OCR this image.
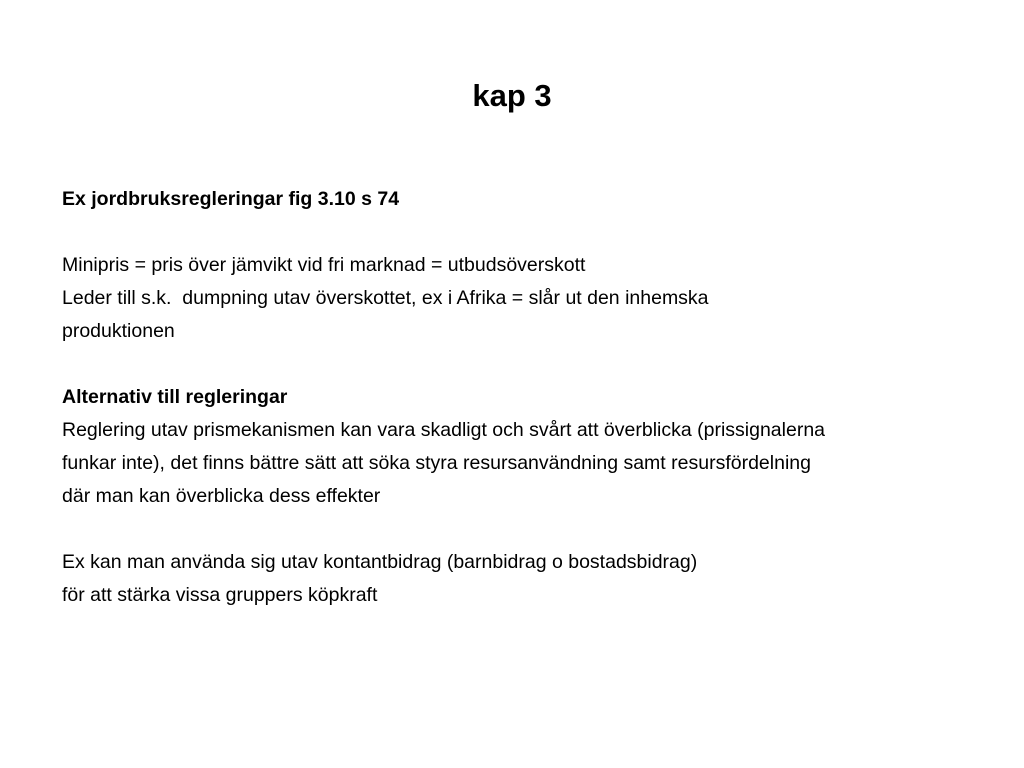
kap 3
Ex jordbruksregleringar fig 3.10 s 74
Minipris = pris över jämvikt vid fri marknad = utbudsöverskott
Leder till s.k.  dumpning utav överskottet, ex i Afrika = slår ut den inhemska
produktionen
Alternativ till regleringar
Reglering utav prismekanismen kan vara skadligt och svårt att överblicka (prissignalerna
funkar inte), det finns bättre sätt att söka styra resursanvändning samt resursfördelning
där man kan överblicka dess effekter
Ex kan man använda sig utav kontantbidrag (barnbidrag o bostadsbidrag)
för att stärka vissa gruppers köpkraft
